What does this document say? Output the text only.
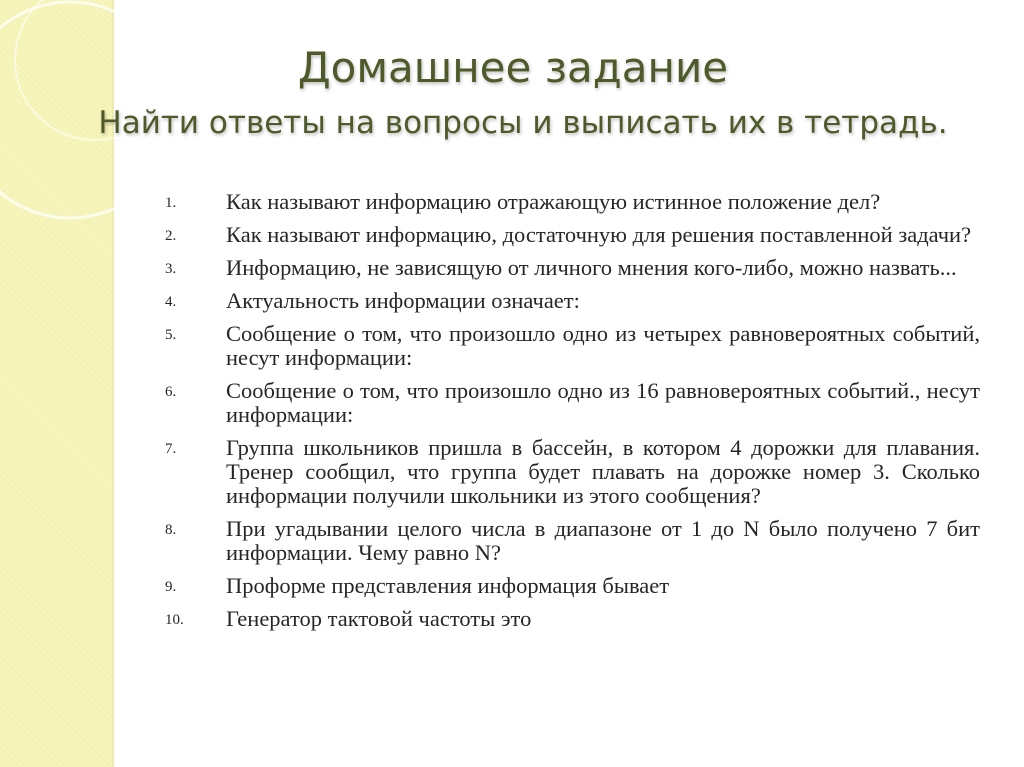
Домашнее задание
Найти ответы на вопросы и выписать их в тетрадь.
1.	Как называют информацию отражающую истинное положение дел?
2.	Как называют информацию, достаточную для решения поставленной задачи?
3.	Информацию, не зависящую от личного мнения кого-либо, можно назвать...
4.	Актуальность информации означает:
5.	Сообщение о том, что произошло одно из четырех равновероятных событий, несут информации:
6.	Сообщение о том, что произошло одно из 16 равновероятных событий., несут информации:
7.	Группа школьников пришла в бассейн, в котором 4 дорожки для плавания. Тренер сообщил, что группа будет плавать на дорожке номер 3. Сколько информации получили школьники из этого сообщения?
8.	При угадывании целого числа в диапазоне от 1 до N было получено 7 бит информации. Чему равно N?
9.	Проформе представления информация бывает
10.	Генератор тактовой частоты это
